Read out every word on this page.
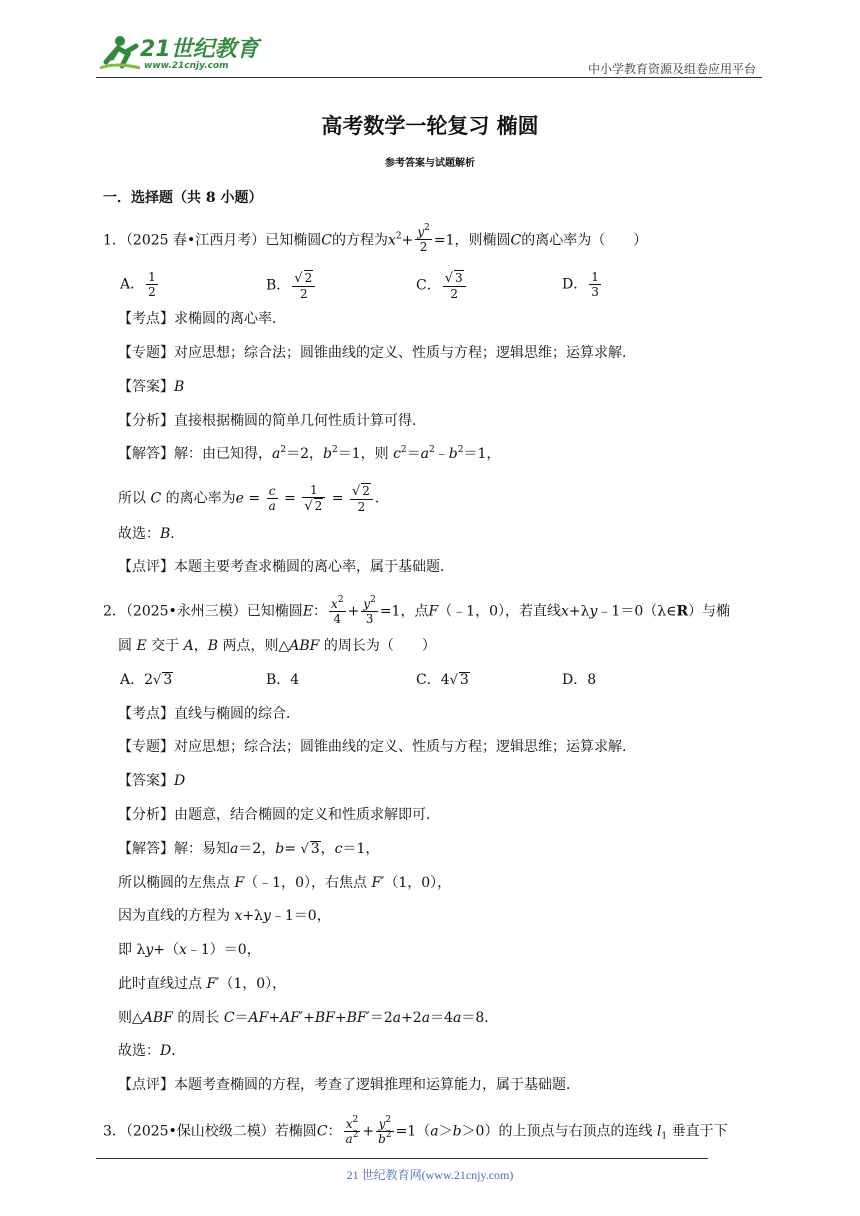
21世纪教育
www.21cnjy.com	中小学教育资源及组卷应用平台
高考数学一轮复习 椭圆
参考答案与试题解析
一．选择题（共 8 小题）
1．（2025 春•江西月考）已知椭圆C的方程为$x^2+ \frac{y^2}{2} =1$，则椭圆C的离心率为（　　）
A． $\frac{1}{2}$	B． $\frac{√ 2}{2}$	C． $\frac{√ 3}{2}$	D． $\frac{1}{3}$
【考点】求椭圆的离心率．
【专题】对应思想；综合法；圆锥曲线的定义、性质与方程；逻辑思维；运算求解．
【答案】B
【分析】直接根据椭圆的简单几何性质计算可得．
【解答】解：由已知得，$a^2=2$，$b^2=1$，则 $c^2=a^2﹣b^2=1$，
所以 C 的离心率为$e = \frac{c}{a} = \frac{1}{√ 2} = \frac{√ 2}{2}$ .
故选：B．
【点评】本题主要考查求椭圆的离心率，属于基础题．
2．（2025•永州三模）已知椭圆E： $\frac{x^2}{4} + \frac{y^2}{3} =1$，点F（﹣1，0），若直线x+λy﹣1＝0（λ∈R）与椭
圆 E 交于 A，B 两点，则△ABF 的周长为（　　）
A．2√ 3	B．4	C．4√ 3	D．8
【考点】直线与椭圆的综合．
【专题】对应思想；综合法；圆锥曲线的定义、性质与方程；逻辑思维；运算求解．
【答案】D
【分析】由题意，结合椭圆的定义和性质求解即可．
【解答】解：易知a＝2，b= √ 3，c＝1，
所以椭圆的左焦点 F（﹣1，0），右焦点 F′（1，0），
因为直线的方程为 x+λy﹣1＝0，
即 λy+（x﹣1）＝0，
此时直线过点 F′（1，0），
则△ABF 的周长 C＝AF+AF′+BF+BF′＝2a+2a＝4a＝8．
故选：D．
【点评】本题考查椭圆的方程，考查了逻辑推理和运算能力，属于基础题．
3．（2025•保山校级二模）若椭圆C： $\frac{x^2}{a^2} + \frac{y^2}{b^2} =1(a>b>0)$的上顶点与右顶点的连线 $l_1$ 垂直于下
21 世纪教育网(www.21cnjy.com)
